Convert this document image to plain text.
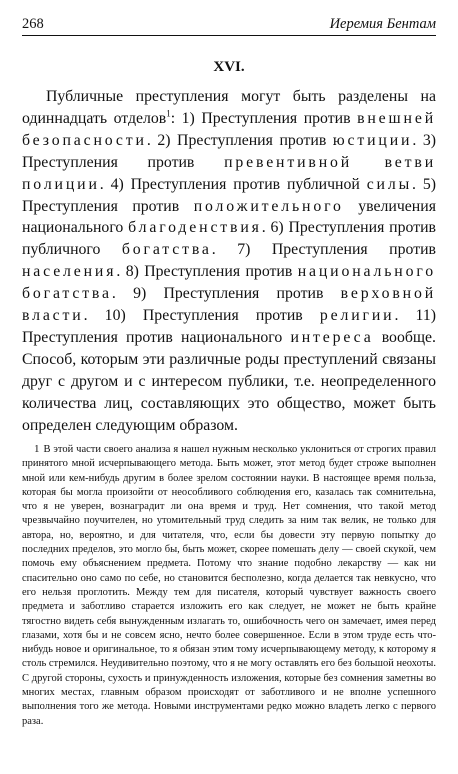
268	Иеремия Бентам
XVI.

Публичные преступления могут быть разделены на одиннадцать отделов$^1$: 1) Преступления против внешней безопасности. 2) Преступления против юстиции. 3) Преступления против превентивной ветви полиции. 4) Преступления против публичной силы. 5) Преступления против положительного увеличения национального благоденствия. 6) Преступления против публичного богатства. 7) Преступления против населения. 8) Преступления против национального богатства. 9) Преступления против верховной власти. 10) Преступления против религии. 11) Преступления против национального интереса вообще. Способ, которым эти различные роды преступлений связаны друг с другом и с интересом публики, т.е. неопределенного количества лиц, составляющих это общество, может быть определен следующим образом.

1 В этой части своего анализа я нашел нужным несколько уклониться от строгих правил принятого мной исчерпывающего метода. Быть может, этот метод будет строже выполнен мной или кем-нибудь другим в более зрелом состоянии науки. В настоящее время польза, которая бы могла произойти от неособливого соблюдения его, казалась так сомнительна, что я не уверен, вознаградит ли она время и труд. Нет сомнения, что такой метод чрезвычайно поучителен, но утомительный труд следить за ним так велик, не только для автора, но, вероятно, и для читателя, что, если бы довести эту первую попытку до последних пределов, это могло бы, быть может, скорее помешать делу — своей скукой, чем помочь ему объяснением предмета. Потому что знание подобно лекарству — как ни спасительно оно само по себе, но становится бесполезно, когда делается так невкусно, что его нельзя проглотить. Между тем для писателя, который чувствует важность своего предмета и заботливо старается изложить его как следует, не может не быть крайне тягостно видеть себя вынужденным излагать то, ошибочность чего он замечает, имея перед глазами, хотя бы и не совсем ясно, нечто более совершенное. Если в этом труде есть что-нибудь новое и оригинальное, то я обязан этим тому исчерпывающему методу, к которому я столь стремился. Неудивительно поэтому, что я не могу оставлять его без большой неохоты. С другой стороны, сухость и принужденность изложения, которые без сомнения заметны во многих местах, главным образом происходят от заботливого и не вполне успешного выполнения того же метода. Новыми инструментами редко можно владеть легко с первого раза.
